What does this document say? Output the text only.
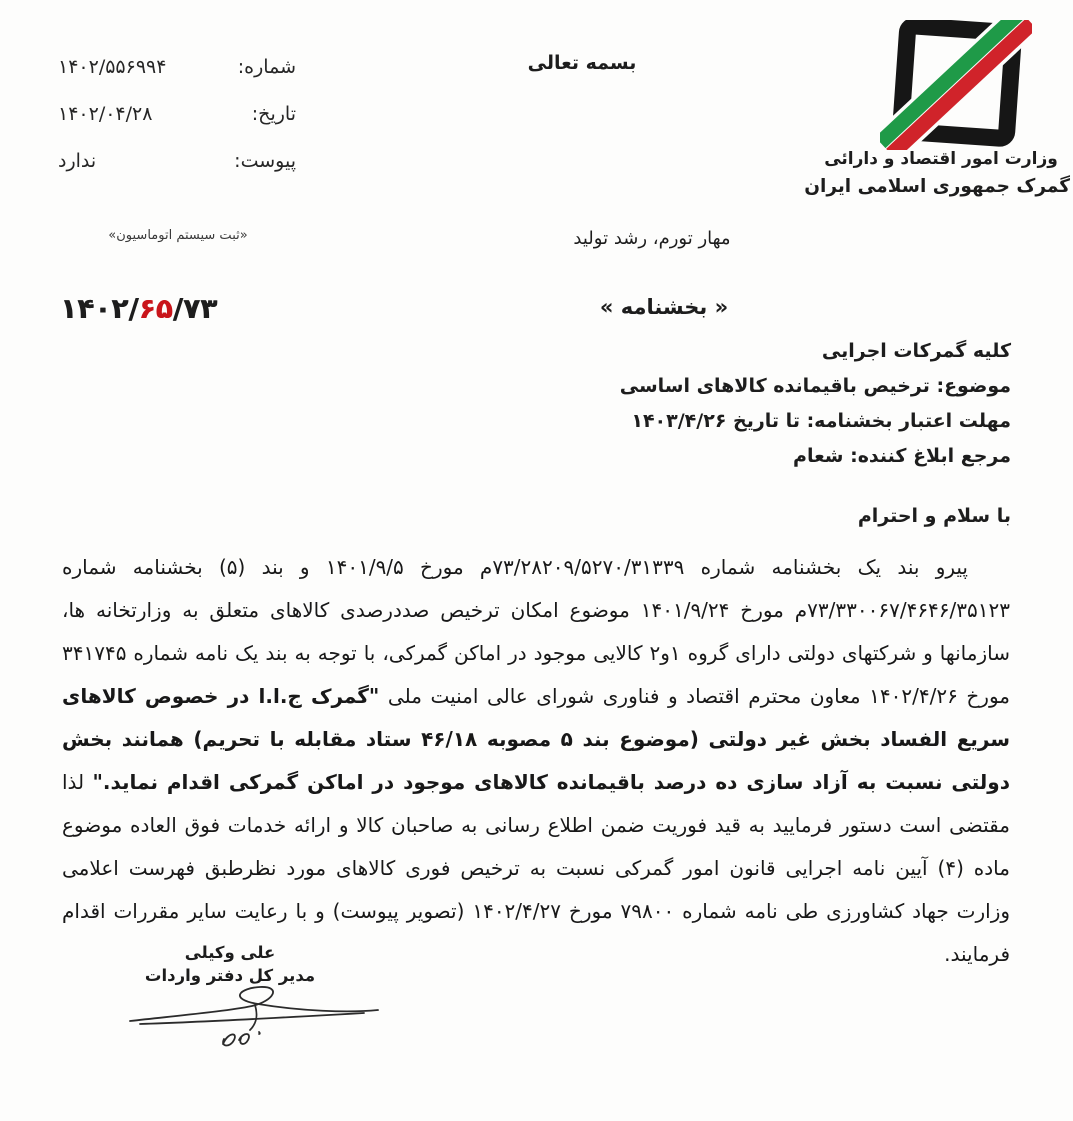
شماره:
۱۴۰۲/۵۵۶۹۹۴
تاریخ:
۱۴۰۲/۰۴/۲۸
پیوست:
ندارد
«ثبت سیستم اتوماسیون»
بسمه تعالی
وزارت امور اقتصاد و دارائی
گمرک جمهوری اسلامی ایران
مهار تورم، رشد تولید
« بخشنامه »
۱۴۰۲/۶۵/۷۳
کلیه گمرکات اجرایی
موضوع: ترخیص باقیمانده کالاهای اساسی
مهلت اعتبار بخشنامه: تا تاریخ ۱۴۰۳/۴/۲۶
مرجع ابلاغ کننده: شعام
با سلام و احترام

پیرو بند یک بخشنامه شماره ۷۳/۲۸۲۰۹/۵۲۷۰/۳۱۳۳۹م مورخ ۱۴۰۱/۹/۵ و بند (۵) بخشنامه شماره ۷۳/۳۳۰۰۶۷/۴۶۴۶/۳۵۱۲۳م مورخ ۱۴۰۱/۹/۲۴ موضوع امکان ترخیص صددرصدی کالاهای متعلق به وزارتخانه ها، سازمانها و شرکتهای دولتی دارای گروه ۱و۲ کالایی موجود در اماکن گمرکی، با توجه به بند یک نامه شماره ۳۴۱۷۴۵ مورخ ۱۴۰۲/۴/۲۶ معاون محترم اقتصاد و فناوری شورای عالی امنیت ملی "گمرک ج.ا.ا در خصوص کالاهای سریع الفساد بخش غیر دولتی (موضوع بند ۵ مصوبه ۴۶/۱۸ ستاد مقابله با تحریم) همانند بخش دولتی نسبت به آزاد سازی ده درصد باقیمانده کالاهای موجود در اماکن گمرکی اقدام نماید." لذا مقتضی است دستور فرمایید به قید فوریت ضمن اطلاع رسانی به صاحبان کالا و ارائه خدمات فوق العاده موضوع ماده (۴) آیین نامه اجرایی قانون امور گمرکی نسبت به ترخیص فوری کالاهای مورد نظرطبق فهرست اعلامی وزارت جهاد کشاورزی طی نامه شماره ۷۹۸۰۰ مورخ ۱۴۰۲/۴/۲۷ (تصویر پیوست) و با رعایت سایر مقررات اقدام فرمایند.

علی وکیلی
مدیر کل دفتر واردات
